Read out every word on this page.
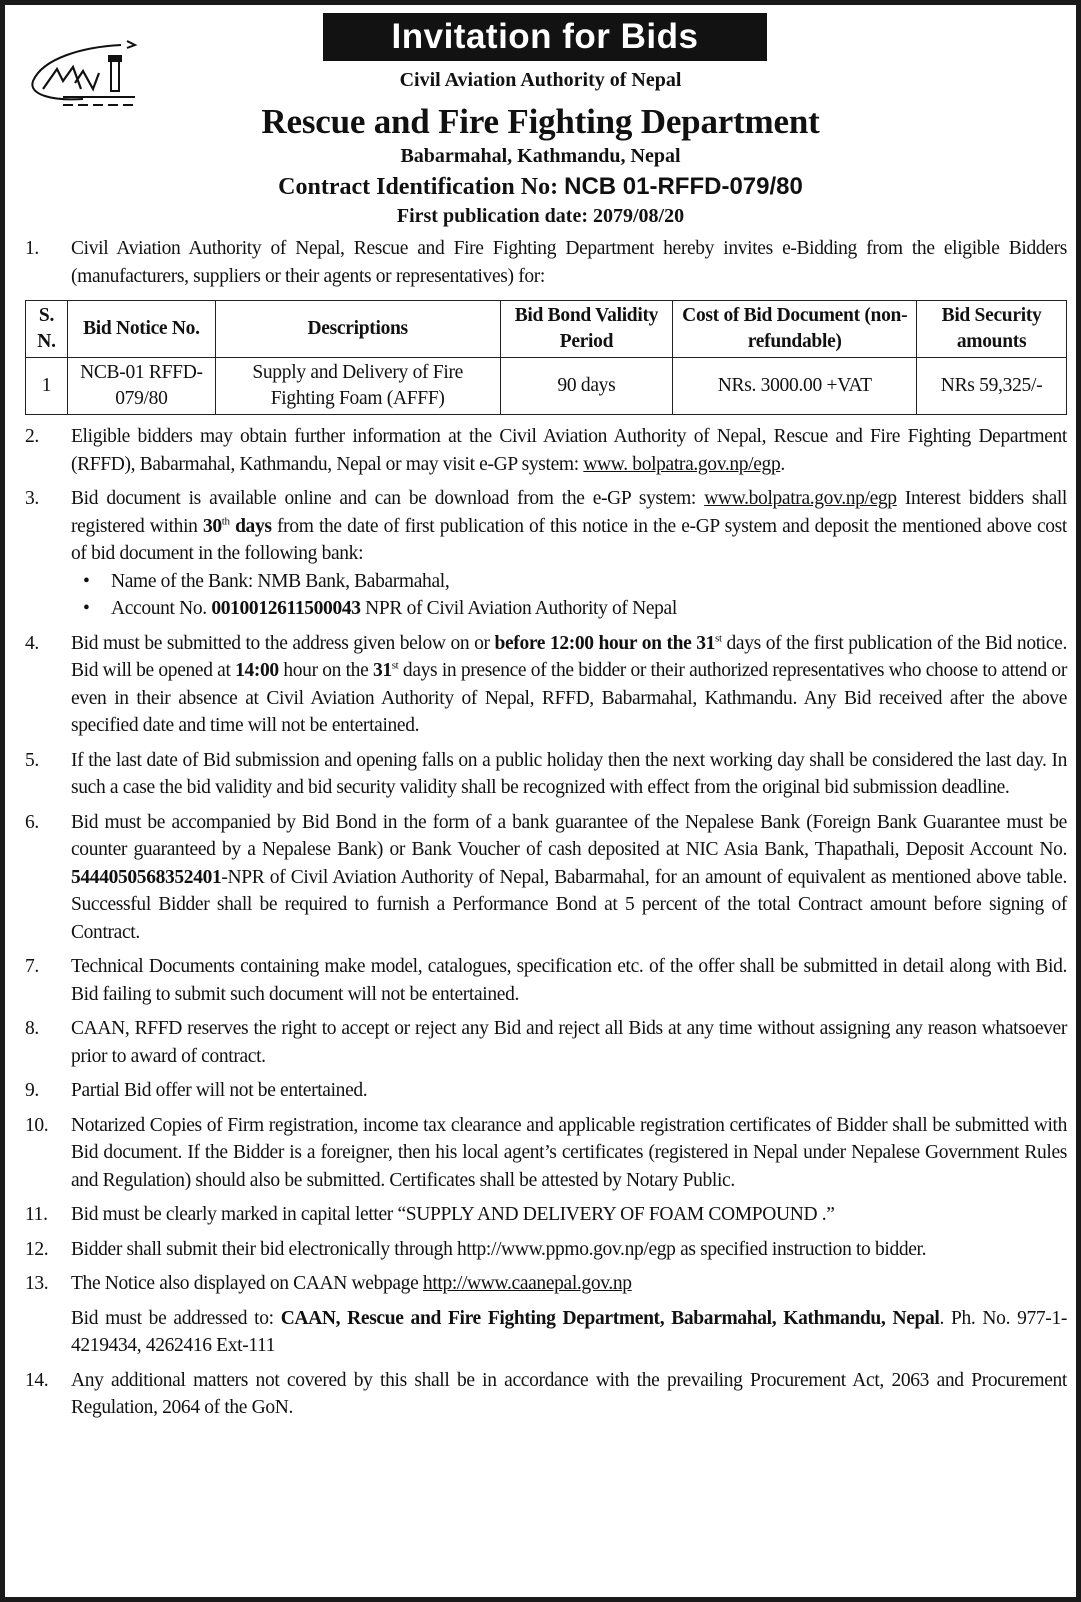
Invitation for Bids
Civil Aviation Authority of Nepal
Rescue and Fire Fighting Department
Babarmahal, Kathmandu, Nepal
Contract Identification No: NCB 01-RFFD-079/80
First publication date: 2079/08/20
1. Civil Aviation Authority of Nepal, Rescue and Fire Fighting Department hereby invites e-Bidding from the eligible Bidders (manufacturers, suppliers or their agents or representatives) for:
S. N.	Bid Notice No.	Descriptions	Bid Bond Validity Period	Cost of Bid Document (non-refundable)	Bid Security amounts
1	NCB-01 RFFD-079/80	Supply and Delivery of Fire Fighting Foam (AFFF)	90 days	NRs. 3000.00 +VAT	NRs 59,325/-
2. Eligible bidders may obtain further information at the Civil Aviation Authority of Nepal, Rescue and Fire Fighting Department (RFFD), Babarmahal, Kathmandu, Nepal or may visit e-GP system: www. bolpatra.gov.np/egp.
3. Bid document is available online and can be download from the e-GP system: www.bolpatra.gov.np/egp Interest bidders shall registered within 30th days from the date of first publication of this notice in the e-GP system and deposit the mentioned above cost of bid document in the following bank:
• Name of the Bank: NMB Bank, Babarmahal,
• Account No. 0010012611500043 NPR of Civil Aviation Authority of Nepal
4. Bid must be submitted to the address given below on or before 12:00 hour on the 31st days of the first publication of the Bid notice. Bid will be opened at 14:00 hour on the 31st days in presence of the bidder or their authorized representatives who choose to attend or even in their absence at Civil Aviation Authority of Nepal, RFFD, Babarmahal, Kathmandu. Any Bid received after the above specified date and time will not be entertained.
5. If the last date of Bid submission and opening falls on a public holiday then the next working day shall be considered the last day. In such a case the bid validity and bid security validity shall be recognized with effect from the original bid submission deadline.
6. Bid must be accompanied by Bid Bond in the form of a bank guarantee of the Nepalese Bank (Foreign Bank Guarantee must be counter guaranteed by a Nepalese Bank) or Bank Voucher of cash deposited at NIC Asia Bank, Thapathali, Deposit Account No. 5444050568352401-NPR of Civil Aviation Authority of Nepal, Babarmahal, for an amount of equivalent as mentioned above table. Successful Bidder shall be required to furnish a Performance Bond at 5 percent of the total Contract amount before signing of Contract.
7. Technical Documents containing make model, catalogues, specification etc. of the offer shall be submitted in detail along with Bid. Bid failing to submit such document will not be entertained.
8. CAAN, RFFD reserves the right to accept or reject any Bid and reject all Bids at any time without assigning any reason whatsoever prior to award of contract.
9. Partial Bid offer will not be entertained.
10. Notarized Copies of Firm registration, income tax clearance and applicable registration certificates of Bidder shall be submitted with Bid document. If the Bidder is a foreigner, then his local agent’s certificates (registered in Nepal under Nepalese Government Rules and Regulation) should also be submitted. Certificates shall be attested by Notary Public.
11. Bid must be clearly marked in capital letter “SUPPLY AND DELIVERY OF FOAM COMPOUND .”
12. Bidder shall submit their bid electronically through http://www.ppmo.gov.np/egp as specified instruction to bidder.
13. The Notice also displayed on CAAN webpage http://www.caanepal.gov.np
Bid must be addressed to: CAAN, Rescue and Fire Fighting Department, Babarmahal, Kathmandu, Nepal. Ph. No. 977-1-4219434, 4262416 Ext-111
14. Any additional matters not covered by this shall be in accordance with the prevailing Procurement Act, 2063 and Procurement Regulation, 2064 of the GoN.
